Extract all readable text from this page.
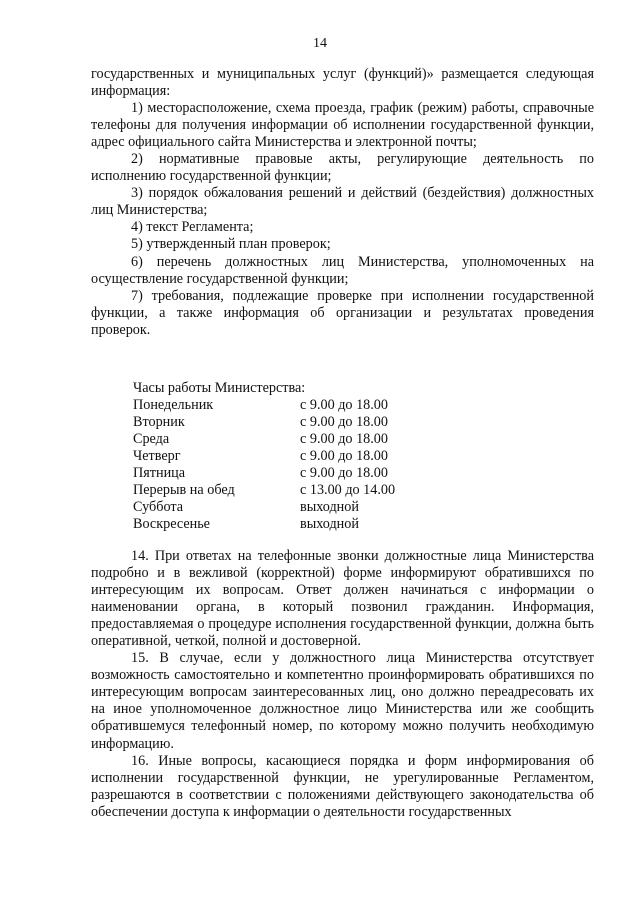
14

государственных и муниципальных услуг (функций)» размещается следующая информация:

1) месторасположение, схема проезда, график (режим) работы, справочные телефоны для получения информации об исполнении государственной функции, адрес официального сайта Министерства и электронной почты;

2) нормативные правовые акты, регулирующие деятельность по исполнению государственной функции;

3) порядок обжалования решений и действий (бездействия) должностных лиц Министерства;

4) текст Регламента;

5) утвержденный план проверок;

6) перечень должностных лиц Министерства, уполномоченных на осуществление государственной функции;

7) требования, подлежащие проверке при исполнении государственной функции, а также информация об организации и результатах проведения проверок.

Часы работы Министерства:

Понедельник	с 9.00 до 18.00
Вторник	с 9.00 до 18.00
Среда	с 9.00 до 18.00
Четверг	с 9.00 до 18.00
Пятница	с 9.00 до 18.00
Перерыв на обед	с 13.00 до 14.00
Суббота	выходной
Воскресенье	выходной

14. При ответах на телефонные звонки должностные лица Министерства подробно и в вежливой (корректной) форме информируют обратившихся по интересующим их вопросам. Ответ должен начинаться с информации о наименовании органа, в который позвонил гражданин. Информация, предоставляемая о процедуре исполнения государственной функции, должна быть оперативной, четкой, полной и достоверной.

15. В случае, если у должностного лица Министерства отсутствует возможность самостоятельно и компетентно проинформировать обратившихся по интересующим вопросам заинтересованных лиц, оно должно переадресовать их на иное уполномоченное должностное лицо Министерства или же сообщить обратившемуся телефонный номер, по которому можно получить необходимую информацию.

16. Иные вопросы, касающиеся порядка и форм информирования об исполнении государственной функции, не урегулированные Регламентом, разрешаются в соответствии с положениями действующего законодательства об обеспечении доступа к информации о деятельности государственных
